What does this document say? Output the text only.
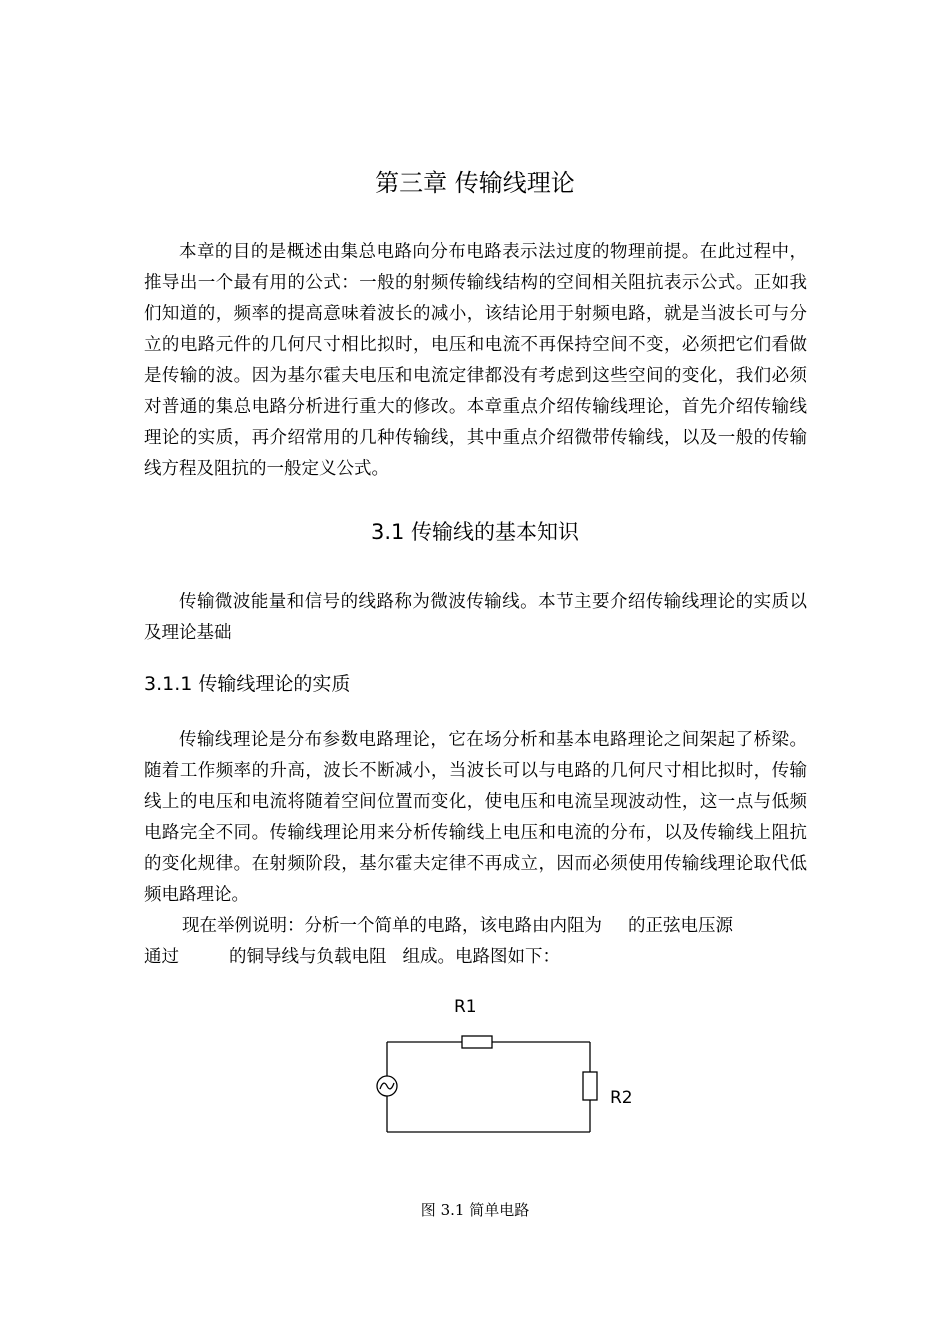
第三章 传输线理论

本章的目的是概述由集总电路向分布电路表示法过度的物理前提。在此过程中，推导出一个最有用的公式：一般的射频传输线结构的空间相关阻抗表示公式。正如我们知道的，频率的提高意味着波长的减小，该结论用于射频电路，就是当波长可与分立的电路元件的几何尺寸相比拟时，电压和电流不再保持空间不变，必须把它们看做是传输的波。因为基尔霍夫电压和电流定律都没有考虑到这些空间的变化，我们必须对普通的集总电路分析进行重大的修改。本章重点介绍传输线理论，首先介绍传输线理论的实质，再介绍常用的几种传输线，其中重点介绍微带传输线，以及一般的传输线方程及阻抗的一般定义公式。

3.1 传输线的基本知识

传输微波能量和信号的线路称为微波传输线。本节主要介绍传输线理论的实质以及理论基础

3.1.1 传输线理论的实质

传输线理论是分布参数电路理论，它在场分析和基本电路理论之间架起了桥梁。随着工作频率的升高，波长不断减小，当波长可以与电路的几何尺寸相比拟时，传输线上的电压和电流将随着空间位置而变化，使电压和电流呈现波动性，这一点与低频电路完全不同。传输线理论用来分析传输线上电压和电流的分布，以及传输线上阻抗的变化规律。在射频阶段，基尔霍夫定律不再成立，因而必须使用传输线理论取代低频电路理论。

现在举例说明：分析一个简单的电路，该电路由内阻为 的正弦电压源
通过	的铜导线与负载电阻 组成。电路图如下：
R1
R2
图 3.1 简单电路
